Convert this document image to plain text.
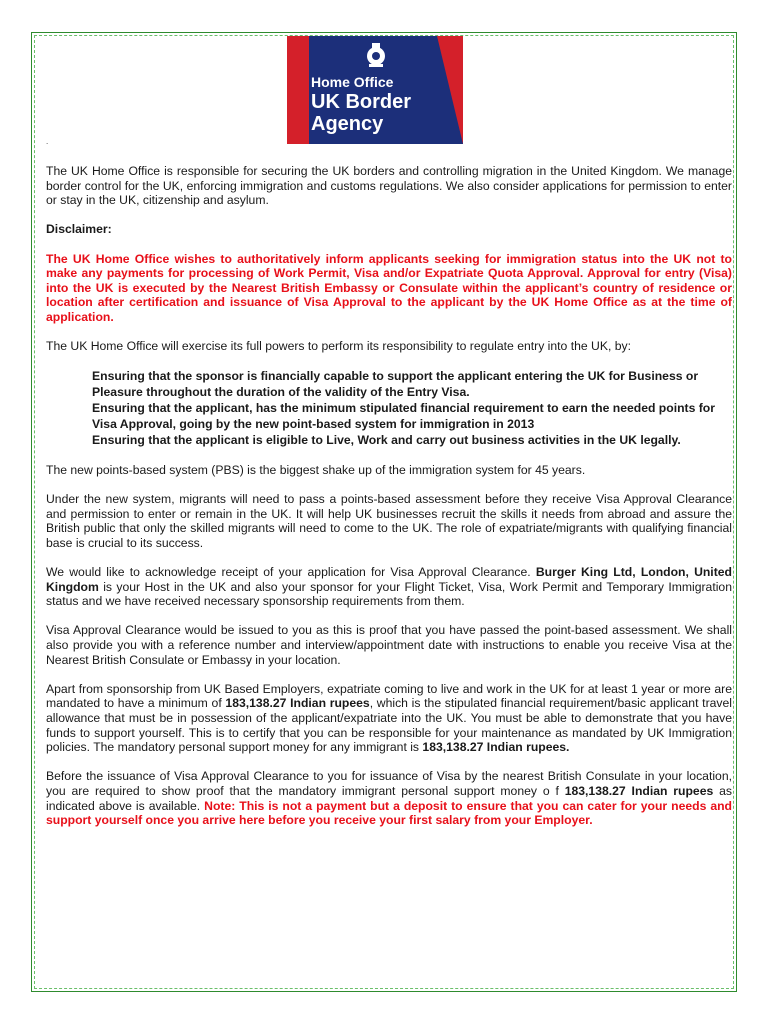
Home Office
UK Border
Agency
.

The UK Home Office is responsible for securing the UK borders and controlling migration in the United Kingdom. We manage border control for the UK, enforcing immigration and customs regulations. We also consider applications for permission to enter or stay in the UK, citizenship and asylum.

Disclaimer:

The UK Home Office wishes to authoritatively inform applicants seeking for immigration status into the UK not to make any payments for processing of Work Permit, Visa and/or Expatriate Quota Approval. Approval for entry (Visa) into the UK is executed by the Nearest British Embassy or Consulate within the applicant’s country of residence or location after certification and issuance of Visa Approval to the applicant by the UK Home Office as at the time of application.

The UK Home Office will exercise its full powers to perform its responsibility to regulate entry into the UK, by:

Ensuring that the sponsor is financially capable to support the applicant entering the UK for Business or Pleasure throughout the duration of the validity of the Entry Visa.
Ensuring that the applicant, has the minimum stipulated financial requirement to earn the needed points for Visa Approval, going by the new point-based system for immigration in 2013
Ensuring that the applicant is eligible to Live, Work and carry out business activities in the UK legally.

The new points-based system (PBS) is the biggest shake up of the immigration system for 45 years.

Under the new system, migrants will need to pass a points-based assessment before they receive Visa Approval Clearance and permission to enter or remain in the UK. It will help UK businesses recruit the skills it needs from abroad and assure the British public that only the skilled migrants will need to come to the UK. The role of expatriate/migrants with qualifying financial base is crucial to its success.

We would like to acknowledge receipt of your application for Visa Approval Clearance. Burger King Ltd, London, United Kingdom is your Host in the UK and also your sponsor for your Flight Ticket, Visa, Work Permit and Temporary Immigration status and we have received necessary sponsorship requirements from them.

Visa Approval Clearance would be issued to you as this is proof that you have passed the point-based assessment. We shall also provide you with a reference number and interview/appointment date with instructions to enable you receive Visa at the Nearest British Consulate or Embassy in your location.

Apart from sponsorship from UK Based Employers, expatriate coming to live and work in the UK for at least 1 year or more are mandated to have a minimum of 183,138.27 Indian rupees, which is the stipulated financial requirement/basic applicant travel allowance that must be in possession of the applicant/expatriate into the UK. You must be able to demonstrate that you have funds to support yourself. This is to certify that you can be responsible for your maintenance as mandated by UK Immigration policies. The mandatory personal support money for any immigrant is 183,138.27 Indian rupees.

Before the issuance of Visa Approval Clearance to you for issuance of Visa by the nearest British Consulate in your location, you are required to show proof that the mandatory immigrant personal support money o f 183,138.27 Indian rupees as indicated above is available. Note: This is not a payment but a deposit to ensure that you can cater for your needs and support yourself once you arrive here before you receive your first salary from your Employer.
